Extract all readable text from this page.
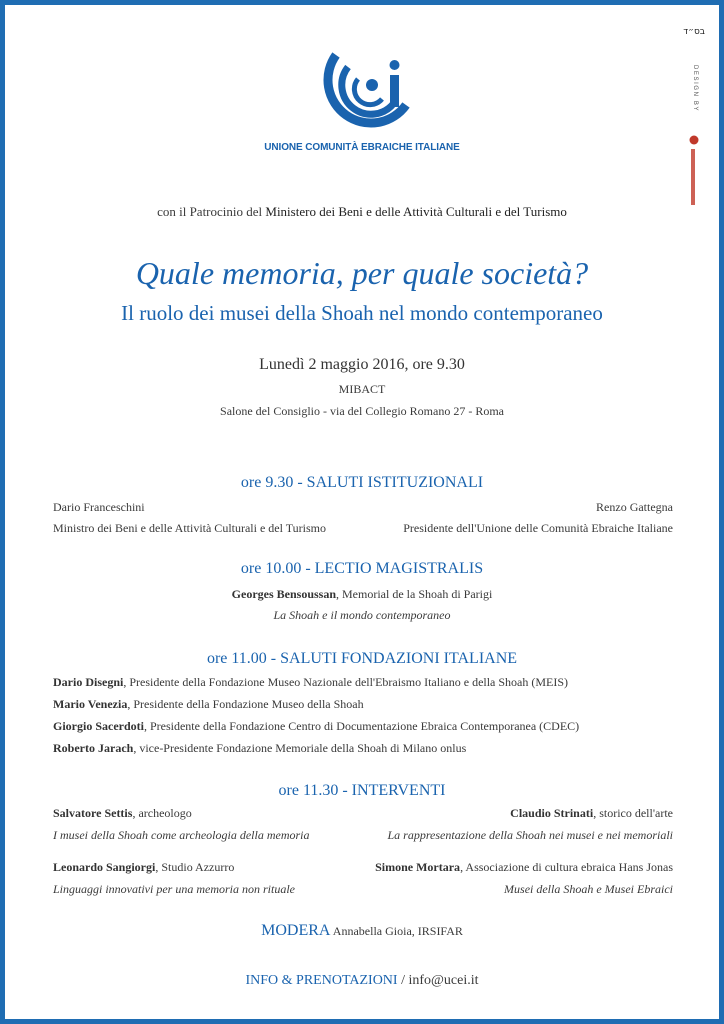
בס״ד
DESIGN BY
UNIONE COMUNITÀ EBRAICHE ITALIANE
con il Patrocinio del Ministero dei Beni e delle Attività Culturali e del Turismo
Quale memoria, per quale società?
Il ruolo dei musei della Shoah nel mondo contemporaneo
Lunedì 2 maggio 2016, ore 9.30
MIBACT
Salone del Consiglio - via del Collegio Romano 27 - Roma
ore 9.30 - SALUTI ISTITUZIONALI
Dario Franceschini	Renzo Gattegna
Ministro dei Beni e delle Attività Culturali e del Turismo	Presidente dell'Unione delle Comunità Ebraiche Italiane
ore 10.00 - LECTIO MAGISTRALIS
Georges Bensoussan, Memorial de la Shoah di Parigi
La Shoah e il mondo contemporaneo
ore 11.00 - SALUTI FONDAZIONI ITALIANE
Dario Disegni, Presidente della Fondazione Museo Nazionale dell'Ebraismo Italiano e della Shoah (MEIS)
Mario Venezia, Presidente della Fondazione Museo della Shoah
Giorgio Sacerdoti, Presidente della Fondazione Centro di Documentazione Ebraica Contemporanea (CDEC)
Roberto Jarach, vice-Presidente Fondazione Memoriale della Shoah di Milano onlus
ore 11.30 - INTERVENTI
Salvatore Settis, archeologo	Claudio Strinati, storico dell'arte
I musei della Shoah come archeologia della memoria	La rappresentazione della Shoah nei musei e nei memoriali
Leonardo Sangiorgi, Studio Azzurro	Simone Mortara, Associazione di cultura ebraica Hans Jonas
Linguaggi innovativi per una memoria non rituale	Musei della Shoah e Musei Ebraici
MODERA Annabella Gioia, IRSIFAR
INFO & PRENOTAZIONI / info@ucei.it
